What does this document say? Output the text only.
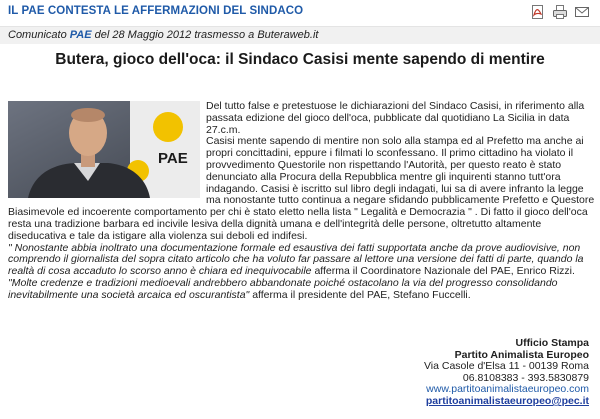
IL PAE CONTESTA LE AFFERMAZIONI DEL SINDACO
Comunicato PAE del 28 Maggio 2012 trasmesso a Buteraweb.it
Butera, gioco dell'oca: il Sindaco Casisi mente sapendo di mentire
PAE

Del tutto false e pretestuose le dichiarazioni del Sindaco Casisi, in riferimento alla passata edizione del gioco dell'oca, pubblicate dal quotidiano La Sicilia in data 27.c.m.

Casisi mente sapendo di mentire non solo alla stampa ed al Prefetto ma anche ai propri concittadini, eppure i filmati lo sconfessano. Il primo cittadino ha violato il provvedimento Questorile non rispettando l'Autorità, per questo reato è stato denunciato alla Procura della Repubblica mentre gli inquirenti stanno tutt'ora indagando. Casisi è iscritto sul libro degli indagati, lui sa di avere infranto la legge ma nonostante tutto continua a negare sfidando pubblicamente Prefetto e Questore

Biasimevole ed incoerente comportamento per chi è stato eletto nella lista " Legalità e Democrazia " . Di fatto il gioco dell'oca resta una tradizione barbara ed incivile lesiva della dignità umana e dell'integrità delle persone, oltretutto altamente diseducativa e tale da istigare alla violenza sui deboli ed indifesi.

" Nonostante abbia inoltrato una documentazione formale ed esaustiva dei fatti supportata anche da prove audiovisive, non comprendo il giornalista del sopra citato articolo che ha voluto far passare al lettore una versione dei fatti di parte, quando la realtà di cosa accaduto lo scorso anno è chiara ed inequivocabile afferma il Coordinatore Nazionale del PAE, Enrico Rizzi.

"Molte credenze e tradizioni medioevali andrebbero abbandonate poiché ostacolano la via del progresso consolidando inevitabilmente una società arcaica ed oscurantista" afferma il presidente del PAE, Stefano Fuccelli.

Ufficio Stampa
Partito Animalista Europeo
Via Casole d'Elsa 11 - 00139 Roma
06.8108383 - 393.5830879
www.partitoanimalistaeuropeo.com
partitoanimalistaeuropeo@pec.it
